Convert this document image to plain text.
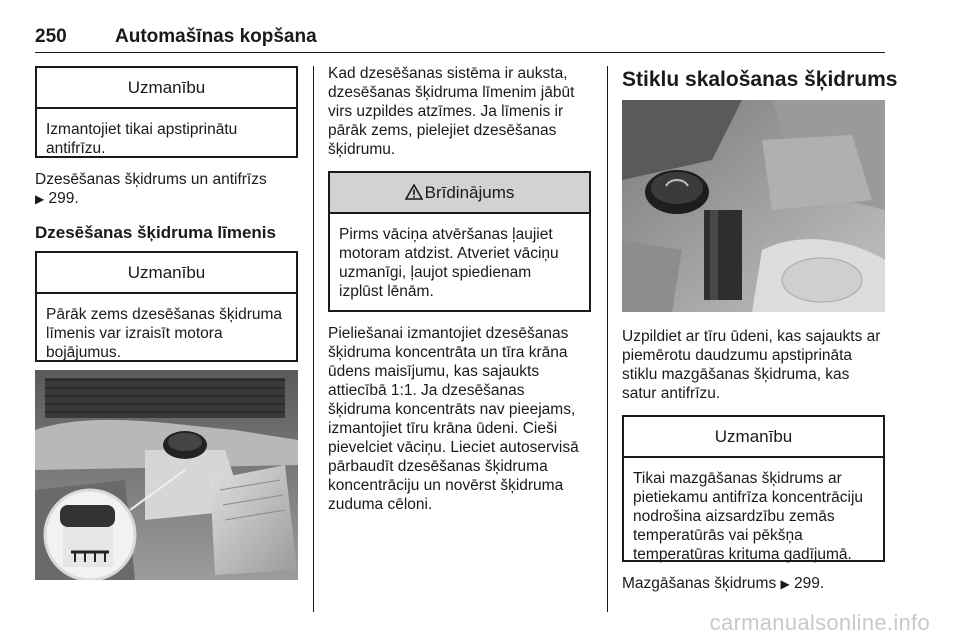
250	Automašīnas kopšana
Uzmanību
Izmantojiet tikai apstiprinātu antifrīzu.
Dzesēšanas šķidrums un antifrīzs
▶ 299.
Dzesēšanas šķidruma līmenis
Uzmanību
Pārāk zems dzesēšanas šķidruma līmenis var izraisīt motora bojājumus.
Kad dzesēšanas sistēma ir auksta, dzesēšanas šķidruma līmenim jābūt virs uzpildes atzīmes. Ja līmenis ir pārāk zems, pielejiet dzesēšanas šķidrumu.
Brīdinājums
Pirms vāciņa atvēršanas ļaujiet motoram atdzist. Atveriet vāciņu uzmanīgi, ļaujot spiedienam izplūst lēnām.
Pieliešanai izmantojiet dzesēšanas šķidruma koncentrāta un tīra krāna ūdens maisījumu, kas sajaukts attiecībā 1:1. Ja dzesēšanas šķidruma koncentrāts nav pieejams, izmantojiet tīru krāna ūdeni. Cieši pievelciet vāciņu. Lieciet autoservisā pārbaudīt dzesēšanas šķidruma koncentrāciju un novērst šķidruma zuduma cēloni.
Stiklu skalošanas šķidrums
Uzpildiet ar tīru ūdeni, kas sajaukts ar piemērotu daudzumu apstiprināta stiklu mazgāšanas šķidruma, kas satur antifrīzu.
Uzmanību
Tikai mazgāšanas šķidrums ar pietiekamu antifrīza koncentrāciju nodrošina aizsardzību zemās temperatūrās vai pēkšņa temperatūras krituma gadījumā.
Mazgāšanas šķidrums ▶ 299.
carmanualsonline.info
